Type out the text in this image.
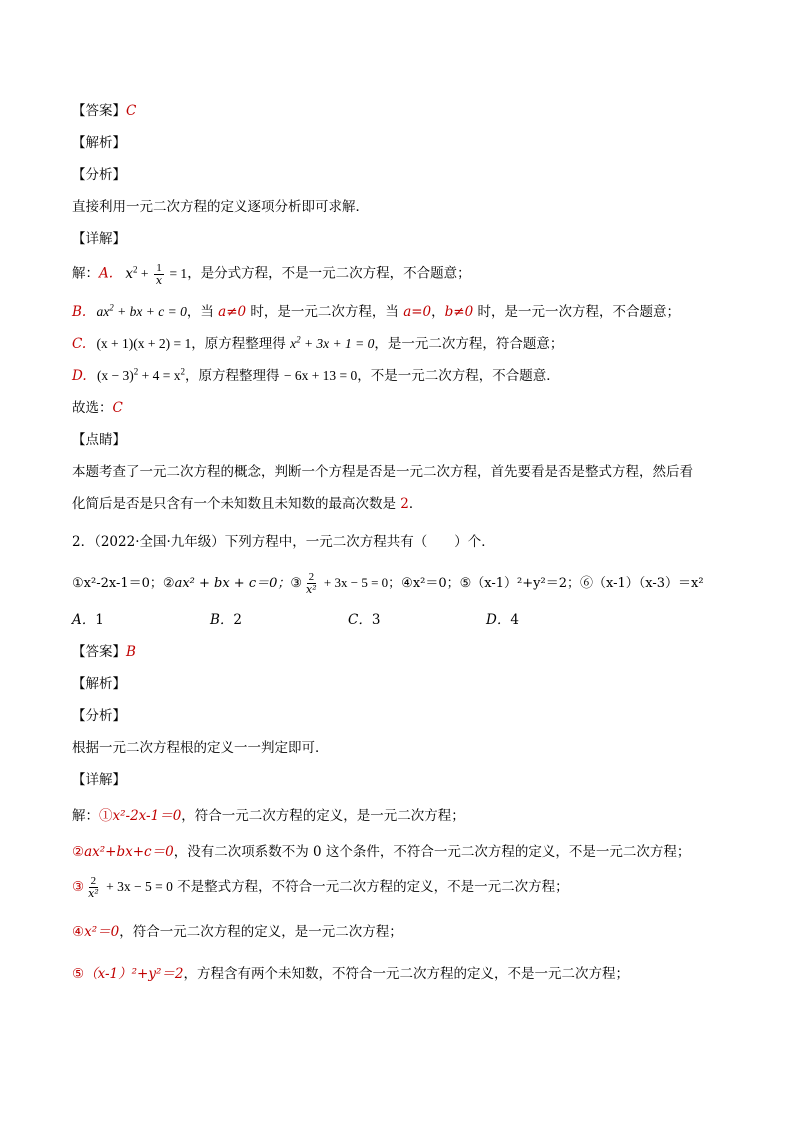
【答案】C
【解析】
【分析】
直接利用一元二次方程的定义逐项分析即可求解．
【详解】
解：A. $x^2 + \frac{1}{x} = 1$，是分式方程，不是一元二次方程，不合题意；
B. $ax^2$ + bx + c = 0，当 a≠0 时，是一元二次方程，当 a=0，b≠0 时，是一元一次方程，不合题意；
C. (x + 1)(x + 2) = 1，原方程整理得 $x^2 + 3x + 1 = 0$，是一元二次方程，符合题意；
D. $(x - 3)^2 + 4 = x^2$，原方程整理得 − 6x + 13 = 0，不是一元二次方程，不合题意．
故选：C
【点睛】
本题考查了一元二次方程的概念，判断一个方程是否是一元二次方程，首先要看是否是整式方程，然后看
化简后是否是只含有一个未知数且未知数的最高次数是 2．
2．（2022·全国·九年级）下列方程中，一元二次方程共有（　　）个．
①x²-2x-1＝0；②ax² + bx + c＝0；③ $\frac{2}{\text{x²}} + 3x - 5 = 0$；④x²＝0；⑤（x-1）²+y²＝2；⑥（x-1）（x-3）＝x²
A．1	B．2	C．3	D．4
【答案】B
【解析】
【分析】
根据一元二次方程根的定义一一判定即可．
【详解】
解：①x²-2x-1＝0，符合一元二次方程的定义，是一元二次方程；
②ax²+bx+c＝0，没有二次项系数不为 0 这个条件，不符合一元二次方程的定义，不是一元二次方程；
③ $\frac{2}{\text{x²}} + 3x - 5 = 0$ 不是整式方程，不符合一元二次方程的定义，不是一元二次方程；
④x²＝0，符合一元二次方程的定义，是一元二次方程；
⑤（x-1）²+y²＝2，方程含有两个未知数，不符合一元二次方程的定义，不是一元二次方程；
